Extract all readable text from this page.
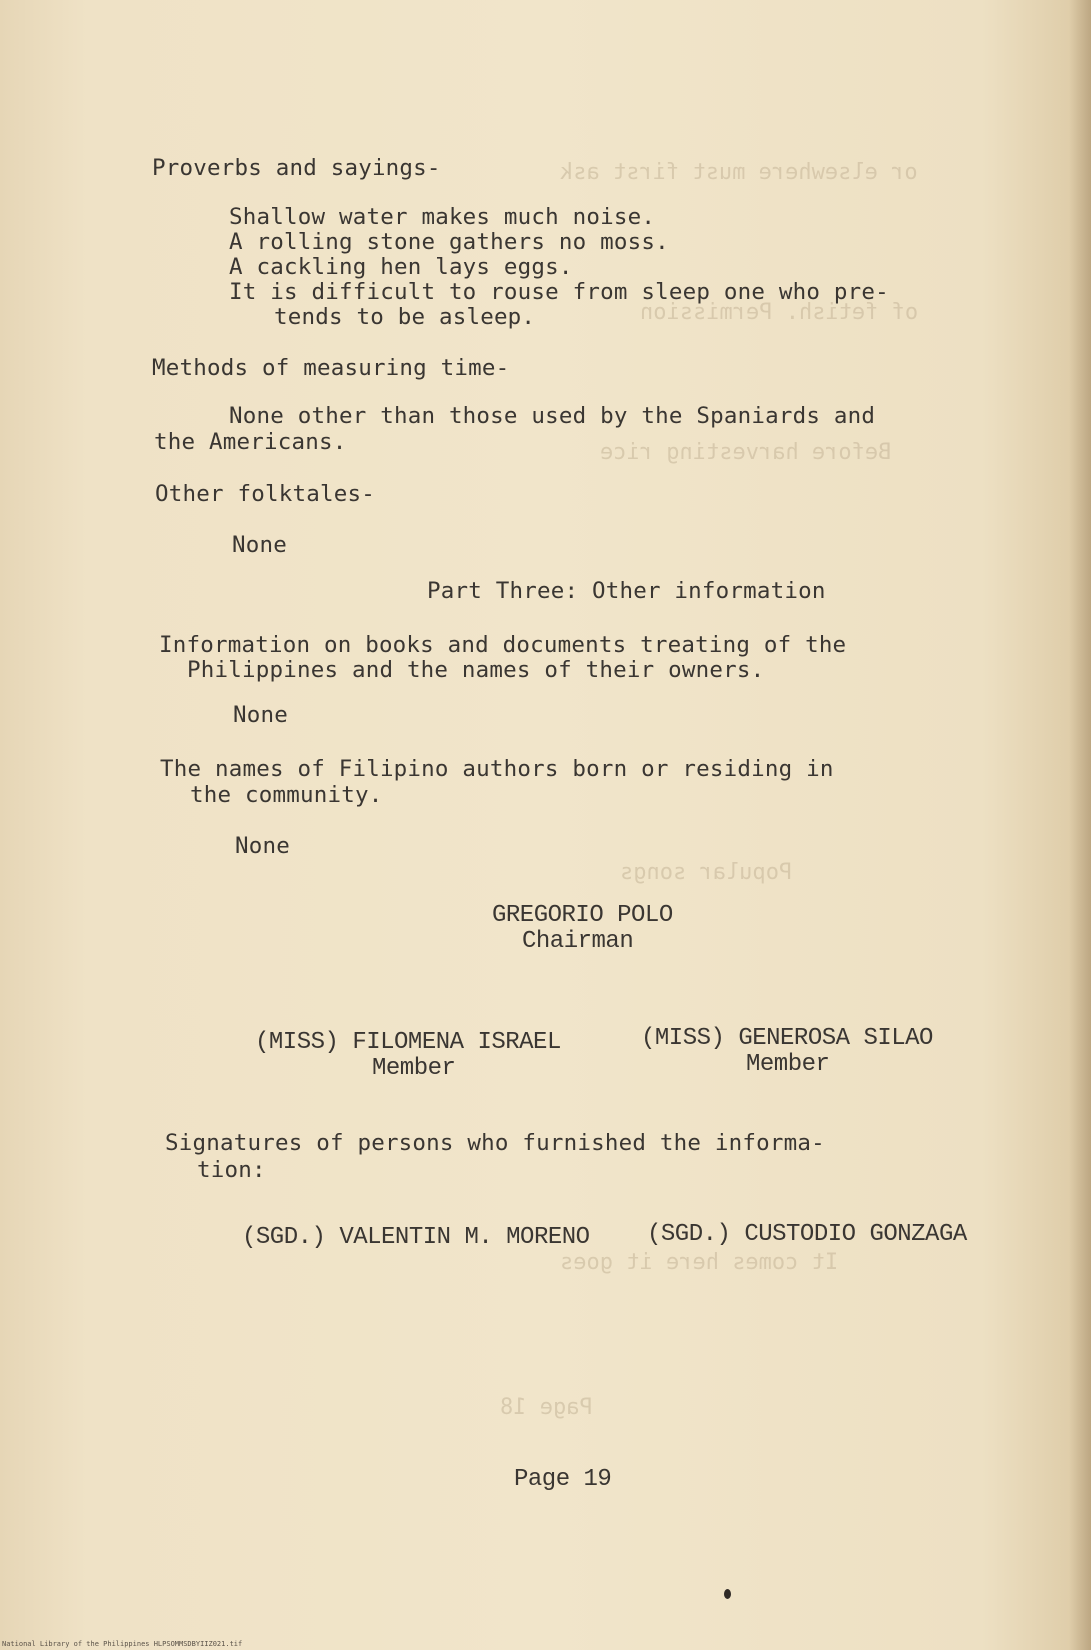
or elsewhere must first ask
of fetish. Permission
Before harvesting rice
Popular songs
It comes here it goes
Page 18
Proverbs and sayings-
Shallow water makes much noise.
A rolling stone gathers no moss.
A cackling hen lays eggs.
It is difficult to rouse from sleep one who pre-
tends to be asleep.
Methods of measuring time-
None other than those used by the Spaniards and
the Americans.
Other folktales-
None
Part Three: Other information
Information on books and documents treating of the
Philippines and the names of their owners.
None
The names of Filipino authors born or residing in
the community.
None
GREGORIO POLO
Chairman
(MISS) FILOMENA ISRAEL
Member
(MISS) GENEROSA SILAO
Member
Signatures of persons who furnished the informa-
tion:
(SGD.) VALENTIN M. MORENO (SGD.) CUSTODIO GONZAGA
Page 19
National Library of the Philippines HLPSOMMSDBYIIZ021.tif
